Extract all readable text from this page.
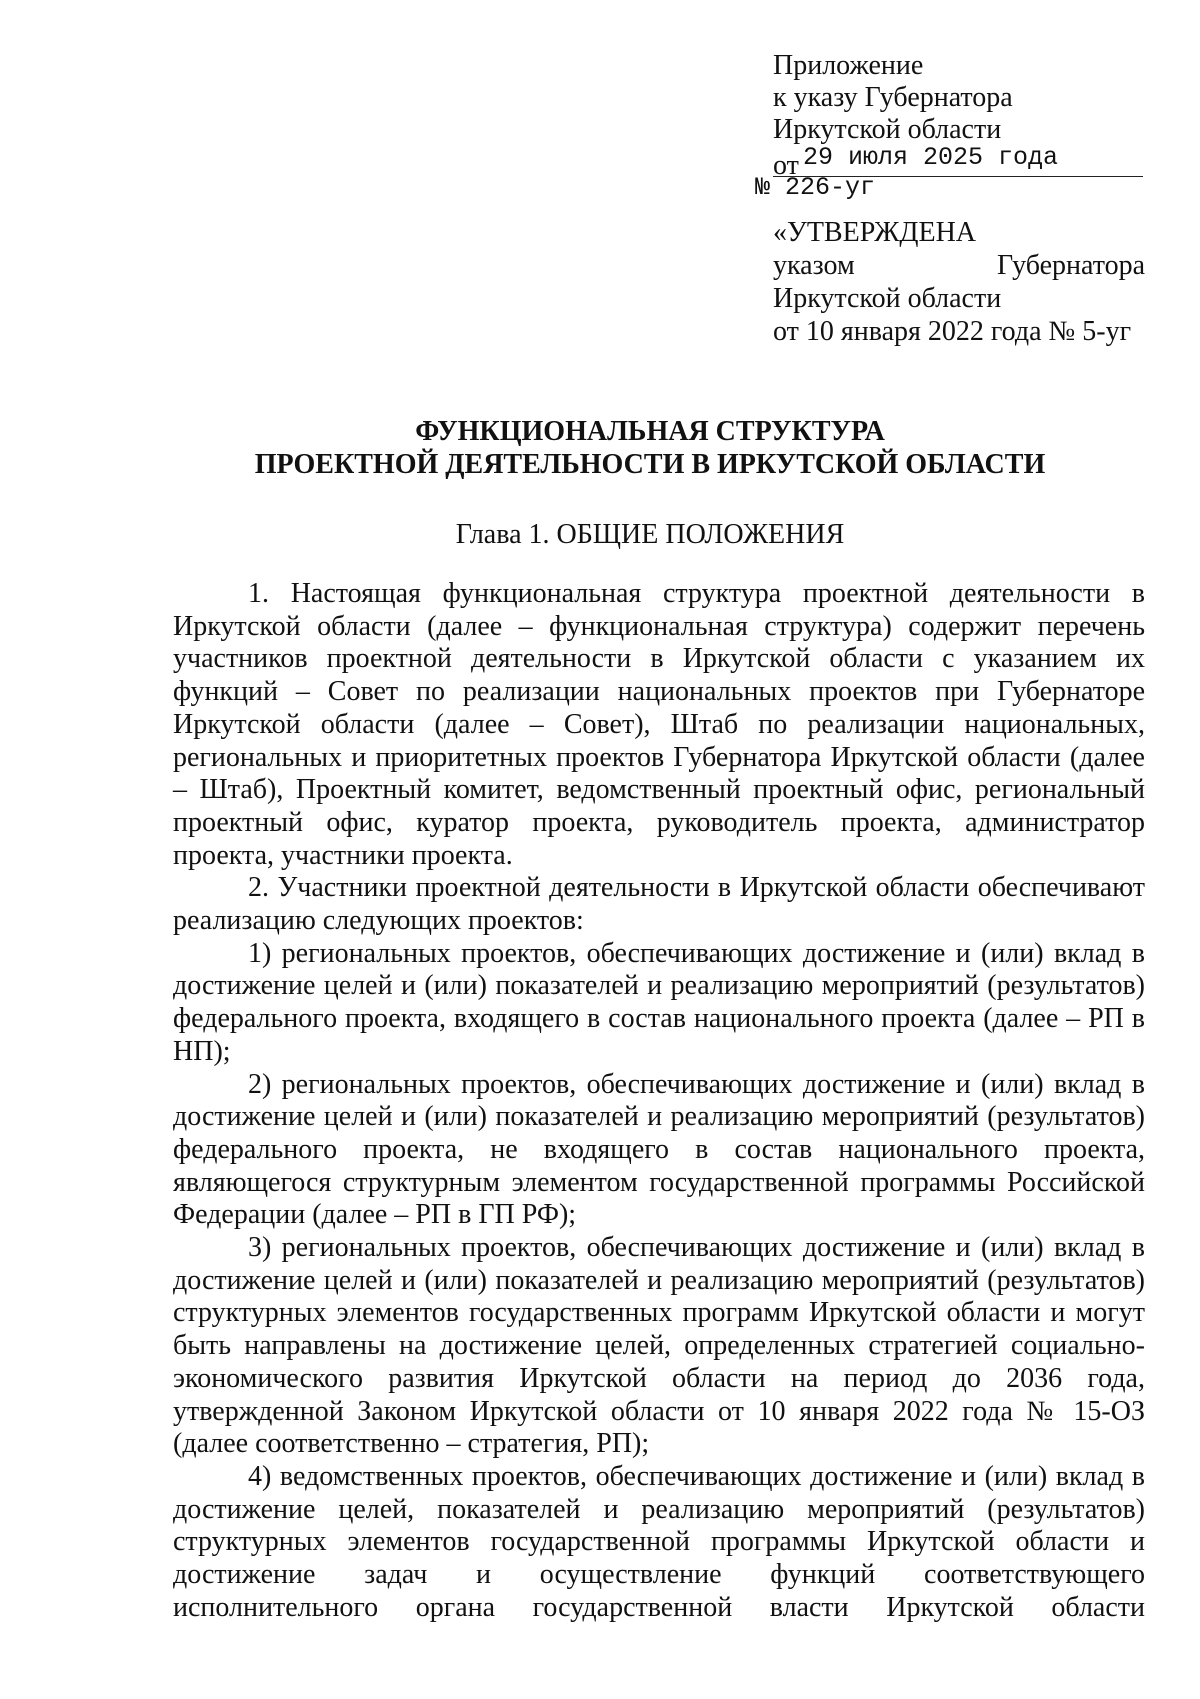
Приложение
к указу Губернатора
Иркутской области
от 29 июля 2025 года
№ 226-уг
«УТВЕРЖДЕНА
указом	Губернатора
Иркутской области
от 10 января 2022 года № 5-уг
ФУНКЦИОНАЛЬНАЯ СТРУКТУРА
ПРОЕКТНОЙ ДЕЯТЕЛЬНОСТИ В ИРКУТСКОЙ ОБЛАСТИ
Глава 1. ОБЩИЕ ПОЛОЖЕНИЯ

1. Настоящая функциональная структура проектной деятельности в Иркутской области (далее – функциональная структура) содержит перечень участников проектной деятельности в Иркутской области с указанием их функций – Совет по реализации национальных проектов при Губернаторе Иркутской области (далее – Совет), Штаб по реализации национальных, региональных и приоритетных проектов Губернатора Иркутской области (далее – Штаб), Проектный комитет, ведомственный проектный офис, региональный проектный офис, куратор проекта, руководитель проекта, администратор проекта, участники проекта.

2. Участники проектной деятельности в Иркутской области обеспечивают реализацию следующих проектов:

1) региональных проектов, обеспечивающих достижение и (или) вклад в достижение целей и (или) показателей и реализацию мероприятий (результатов) федерального проекта, входящего в состав национального проекта (далее – РП в НП);

2) региональных проектов, обеспечивающих достижение и (или) вклад в достижение целей и (или) показателей и реализацию мероприятий (результатов) федерального проекта, не входящего в состав национального проекта, являющегося структурным элементом государственной программы Российской Федерации (далее – РП в ГП РФ);

3) региональных проектов, обеспечивающих достижение и (или) вклад в достижение целей и (или) показателей и реализацию мероприятий (результатов) структурных элементов государственных программ Иркутской области и могут быть направлены на достижение целей, определенных стратегией социально-экономического развития Иркутской области на период до 2036 года, утвержденной Законом Иркутской области от 10 января 2022 года № 15-ОЗ (далее соответственно – стратегия, РП);

4) ведомственных проектов, обеспечивающих достижение и (или) вклад в достижение целей, показателей и реализацию мероприятий (результатов) структурных элементов государственной программы Иркутской области и достижение задач и осуществление функций соответствующего исполнительного органа государственной власти Иркутской области
